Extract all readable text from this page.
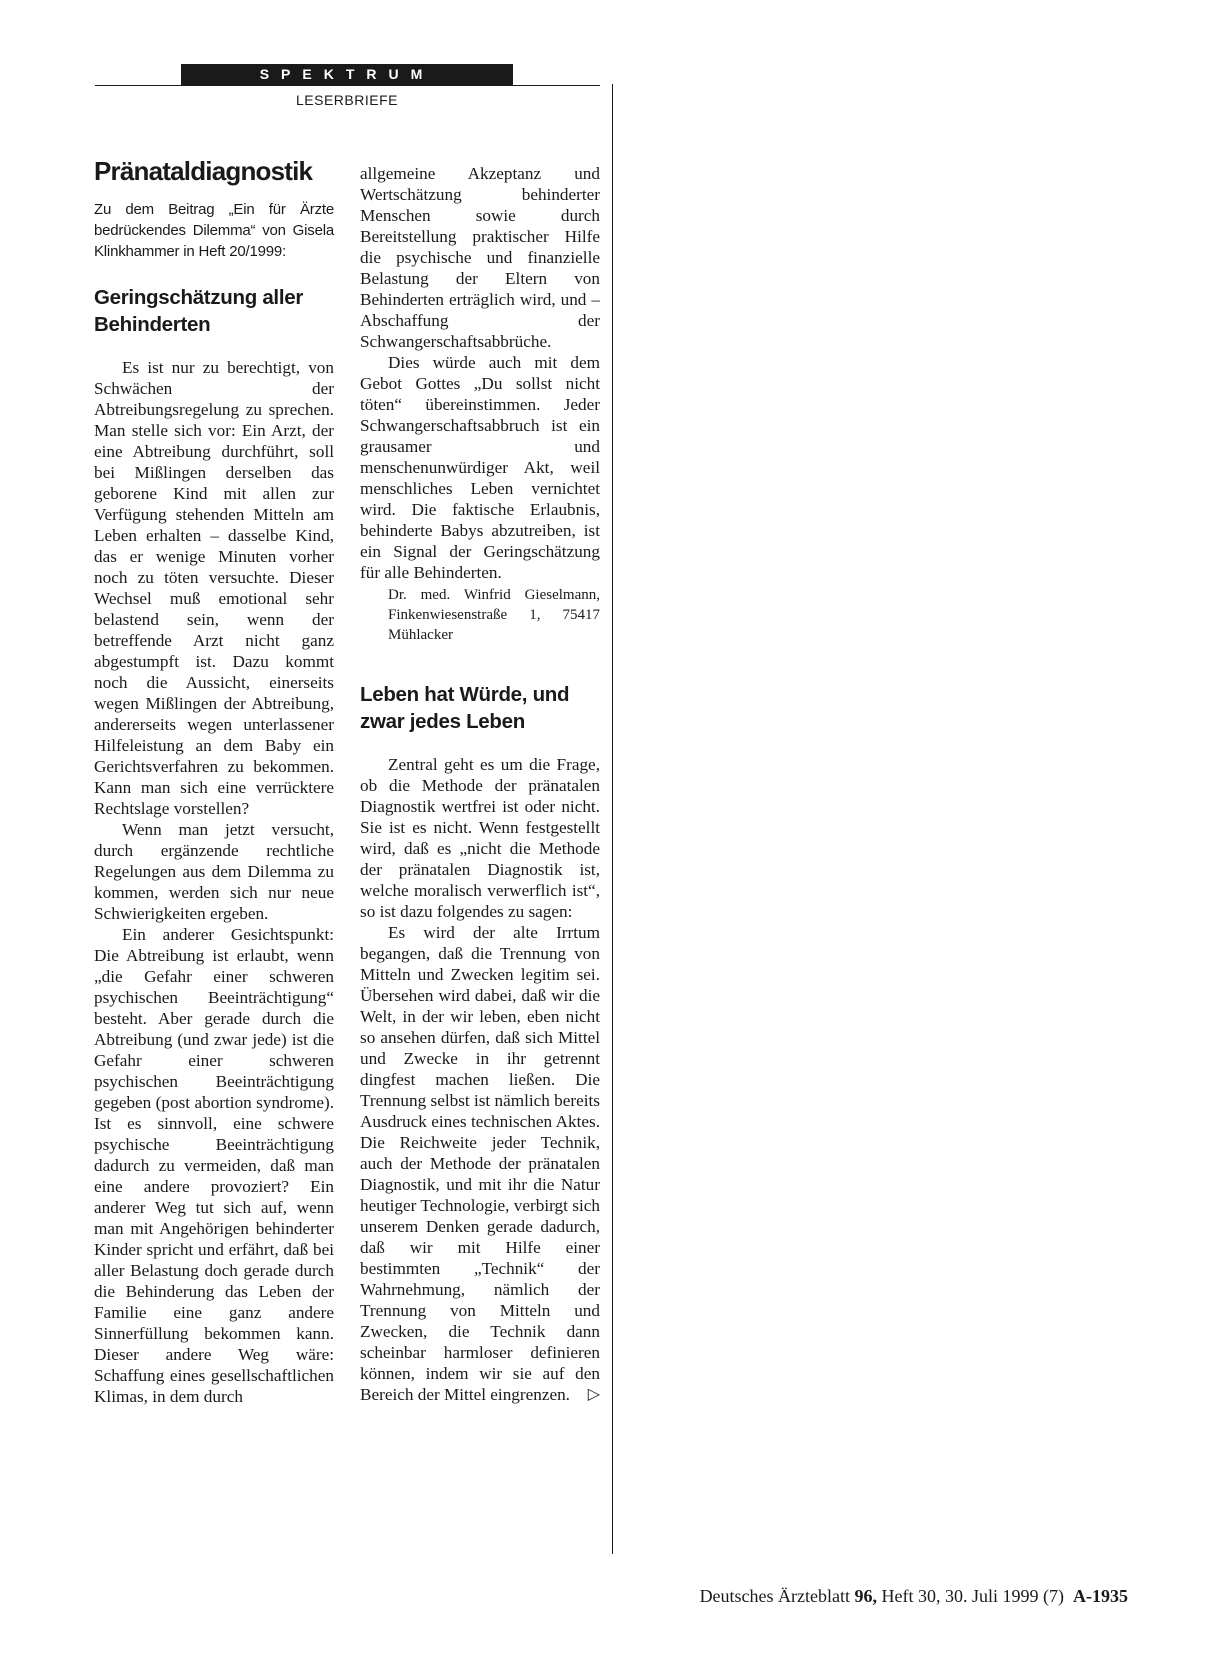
SPEKTRUM
LESERBRIEFE
Pränataldiagnostik
Zu dem Beitrag „Ein für Ärzte bedrückendes Dilemma“ von Gisela Klinkhammer in Heft 20/1999:
Geringschätzung aller Behinderten

Es ist nur zu berechtigt, von Schwächen der Abtreibungsregelung zu sprechen. Man stelle sich vor: Ein Arzt, der eine Abtreibung durchführt, soll bei Mißlingen derselben das geborene Kind mit allen zur Verfügung stehenden Mitteln am Leben erhalten – dasselbe Kind, das er wenige Minuten vorher noch zu töten versuchte. Dieser Wechsel muß emotional sehr belastend sein, wenn der betreffende Arzt nicht ganz abgestumpft ist. Dazu kommt noch die Aussicht, einerseits wegen Mißlingen der Abtreibung, andererseits wegen unterlassener Hilfeleistung an dem Baby ein Gerichtsverfahren zu bekommen. Kann man sich eine verrücktere Rechtslage vorstellen?

Wenn man jetzt versucht, durch ergänzende rechtliche Regelungen aus dem Dilemma zu kommen, werden sich nur neue Schwierigkeiten ergeben.

Ein anderer Gesichtspunkt: Die Abtreibung ist erlaubt, wenn „die Gefahr einer schweren psychischen Beeinträchtigung“ besteht. Aber gerade durch die Abtreibung (und zwar jede) ist die Gefahr einer schweren psychischen Beeinträchtigung gegeben (post abortion syndrome). Ist es sinnvoll, eine schwere psychische Beeinträchtigung dadurch zu vermeiden, daß man eine andere provoziert? Ein anderer Weg tut sich auf, wenn man mit Angehörigen behinderter Kinder spricht und erfährt, daß bei aller Belastung doch gerade durch die Behinderung das Leben der Familie eine ganz andere Sinnerfüllung bekommen kann. Dieser andere Weg wäre: Schaffung eines gesellschaftlichen Klimas, in dem durch

allgemeine Akzeptanz und Wertschätzung behinderter Menschen sowie durch Bereitstellung praktischer Hilfe die psychische und finanzielle Belastung der Eltern von Behinderten erträglich wird, und – Abschaffung der Schwangerschaftsabbrüche.

Dies würde auch mit dem Gebot Gottes „Du sollst nicht töten“ übereinstimmen. Jeder Schwangerschaftsabbruch ist ein grausamer und menschenunwürdiger Akt, weil menschliches Leben vernichtet wird. Die faktische Erlaubnis, behinderte Babys abzutreiben, ist ein Signal der Geringschätzung für alle Behinderten.

Dr. med. Winfrid Gieselmann, Finkenwiesenstraße 1, 75417 Mühlacker
Leben hat Würde, und zwar jedes Leben

Zentral geht es um die Frage, ob die Methode der pränatalen Diagnostik wertfrei ist oder nicht. Sie ist es nicht. Wenn festgestellt wird, daß es „nicht die Methode der pränatalen Diagnostik ist, welche moralisch verwerflich ist“, so ist dazu folgendes zu sagen:

Es wird der alte Irrtum begangen, daß die Trennung von Mitteln und Zwecken legitim sei. Übersehen wird dabei, daß wir die Welt, in der wir leben, eben nicht so ansehen dürfen, daß sich Mittel und Zwecke in ihr getrennt dingfest machen ließen. Die Trennung selbst ist nämlich bereits Ausdruck eines technischen Aktes. Die Reichweite jeder Technik, auch der Methode der pränatalen Diagnostik, und mit ihr die Natur heutiger Technologie, verbirgt sich unserem Denken gerade dadurch, daß wir mit Hilfe einer bestimmten „Technik“ der Wahrnehmung, nämlich der Trennung von Mitteln und Zwecken, die Technik dann scheinbar harmloser definieren können, indem wir sie auf den Bereich der Mittel eingrenzen.	▷
Deutsches Ärzteblatt 96, Heft 30, 30. Juli 1999 (7) A-1935
